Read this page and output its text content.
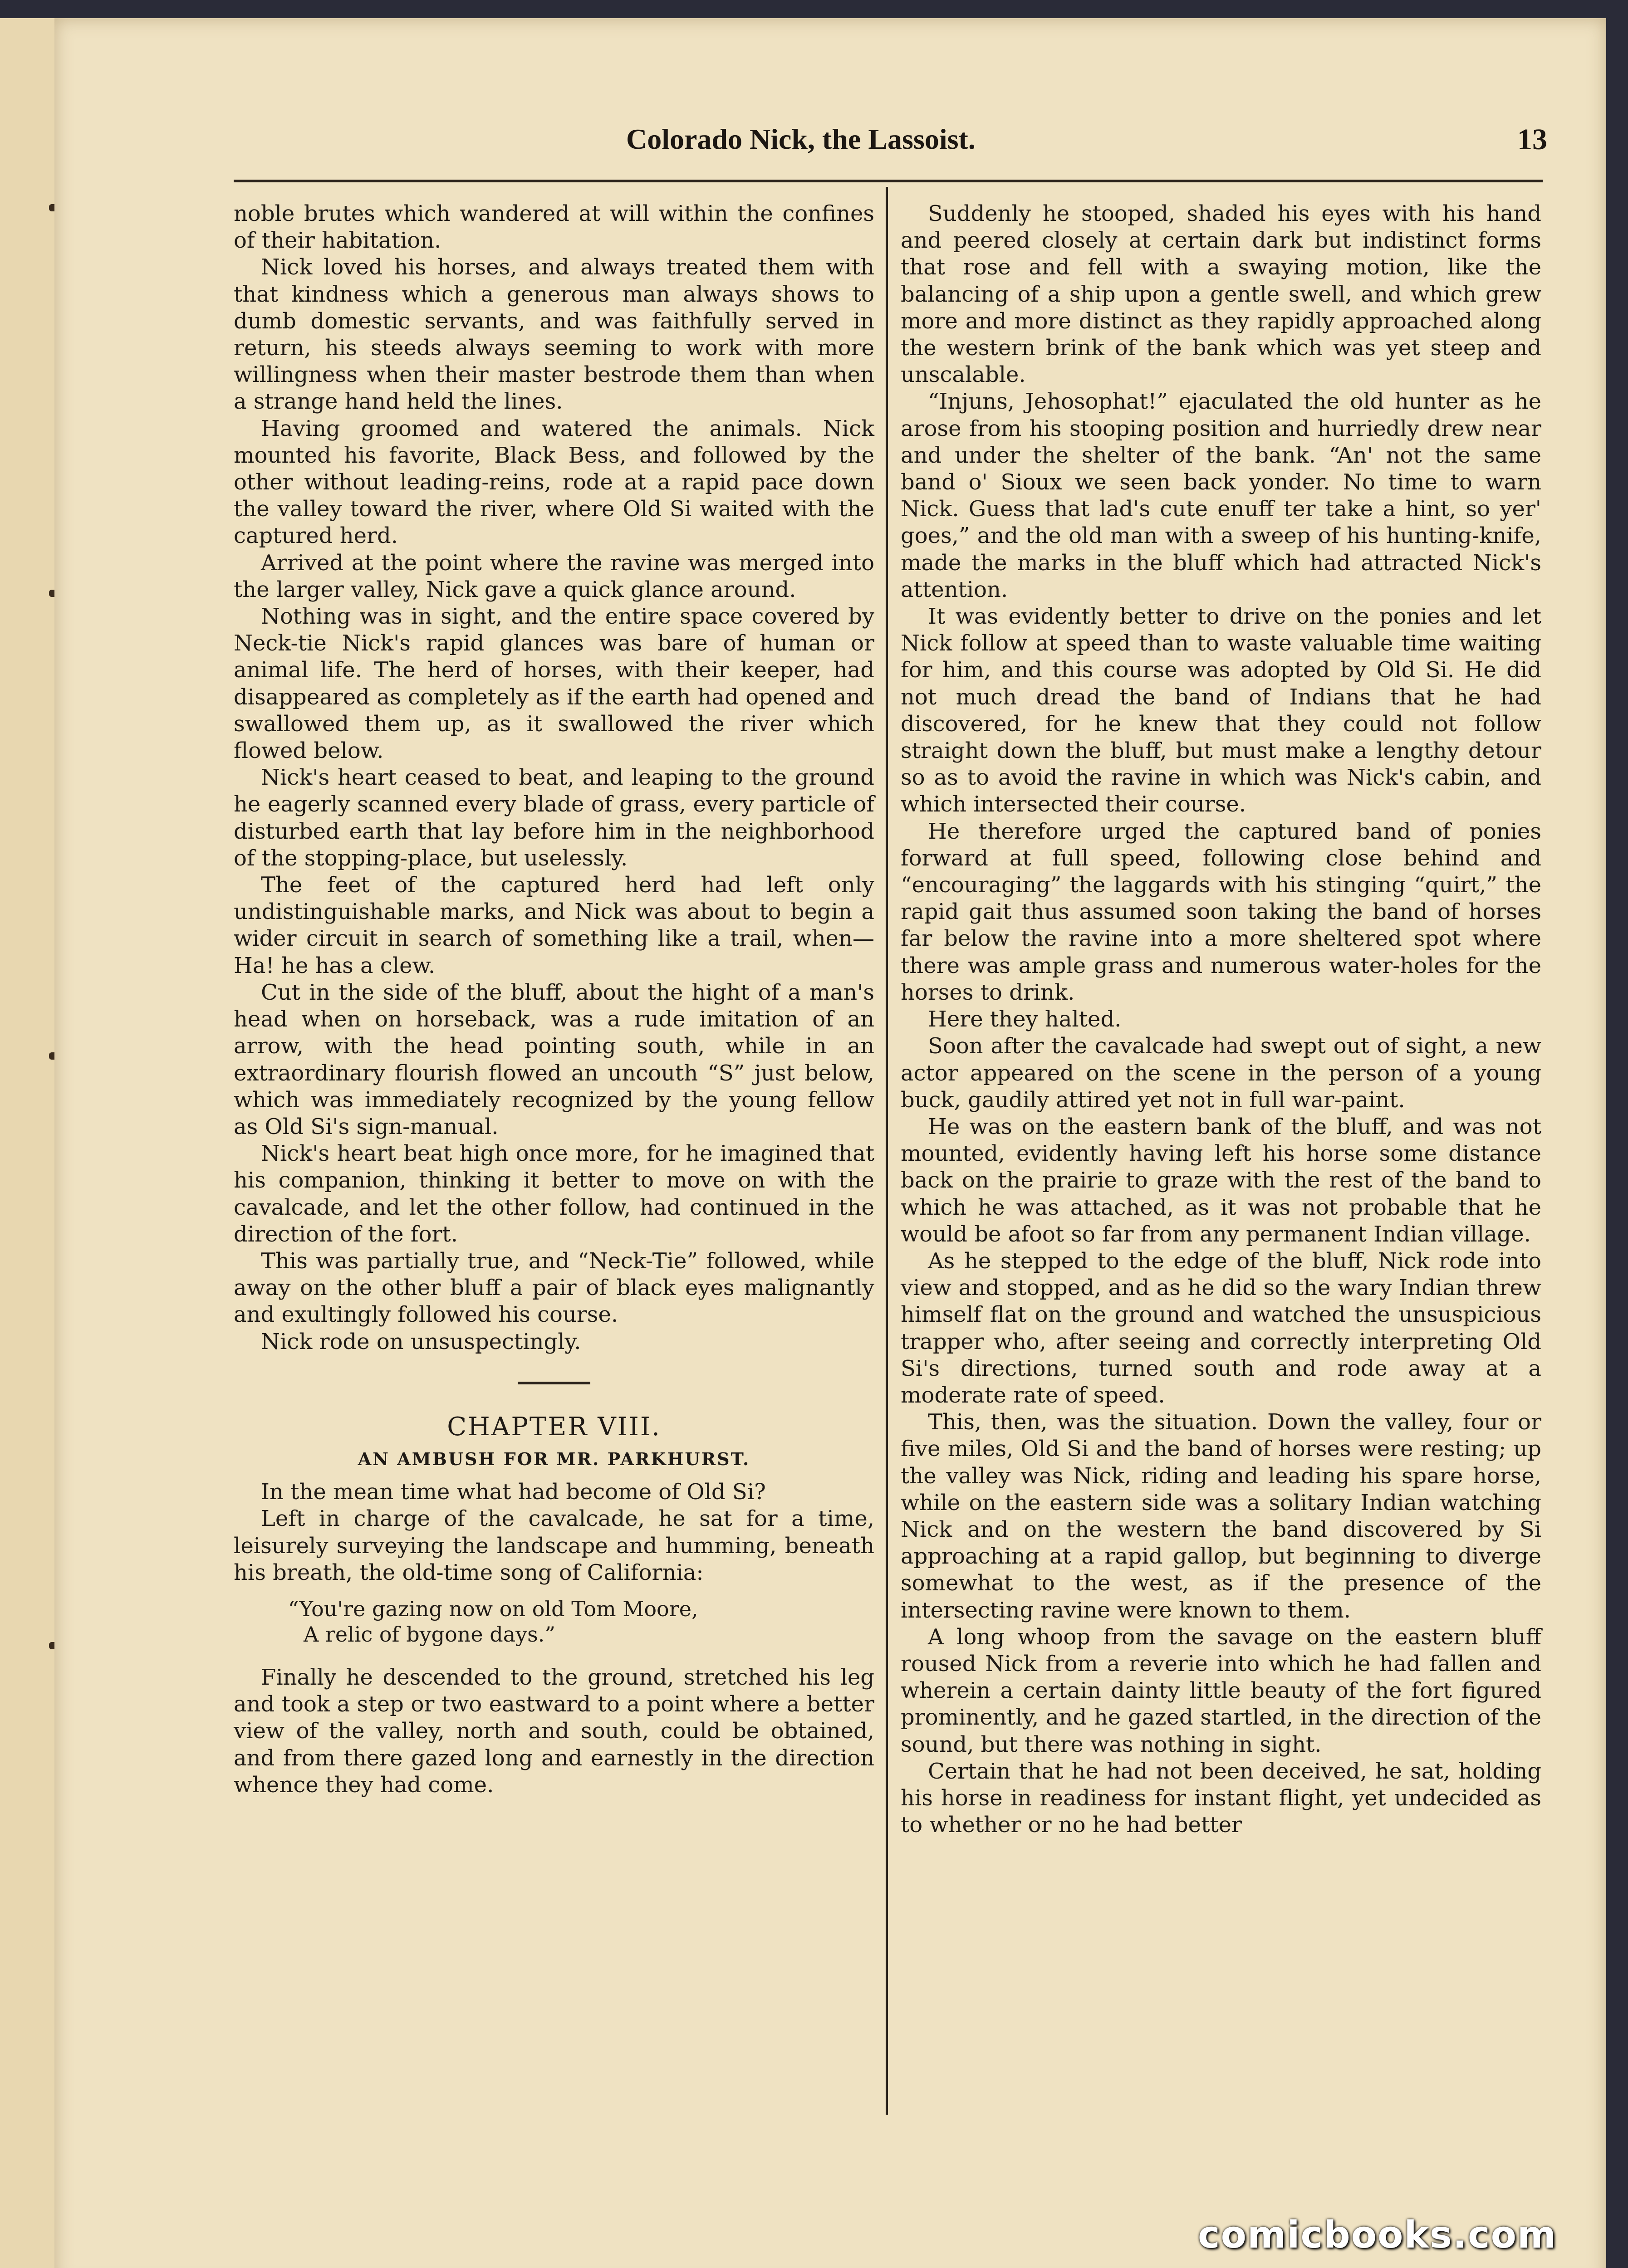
Colorado Nick, the Lassoist.	13

noble brutes which wandered at will within the confines of their habitation.

Nick loved his horses, and always treated them with that kindness which a generous man always shows to dumb domestic servants, and was faithfully served in return, his steeds always seeming to work with more willingness when their master bestrode them than when a strange hand held the lines.

Having groomed and watered the animals. Nick mounted his favorite, Black Bess, and followed by the other without leading-reins, rode at a rapid pace down the valley toward the river, where Old Si waited with the captured herd.

Arrived at the point where the ravine was merged into the larger valley, Nick gave a quick glance around.

Nothing was in sight, and the entire space covered by Neck-tie Nick's rapid glances was bare of human or animal life. The herd of horses, with their keeper, had disappeared as completely as if the earth had opened and swallowed them up, as it swallowed the river which flowed below.

Nick's heart ceased to beat, and leaping to the ground he eagerly scanned every blade of grass, every particle of disturbed earth that lay before him in the neighborhood of the stopping-place, but uselessly.

The feet of the captured herd had left only undistinguishable marks, and Nick was about to begin a wider circuit in search of something like a trail, when— Ha! he has a clew.

Cut in the side of the bluff, about the hight of a man's head when on horseback, was a rude imitation of an arrow, with the head pointing south, while in an extraordinary flourish flowed an uncouth “S” just below, which was immediately recognized by the young fellow as Old Si's sign-manual.

Nick's heart beat high once more, for he imagined that his companion, thinking it better to move on with the cavalcade, and let the other follow, had continued in the direction of the fort.

This was partially true, and “Neck-Tie” followed, while away on the other bluff a pair of black eyes malignantly and exultingly followed his course.

Nick rode on unsuspectingly.

CHAPTER VIII.
AN AMBUSH FOR MR. PARKHURST.

In the mean time what had become of Old Si?

Left in charge of the cavalcade, he sat for a time, leisurely surveying the landscape and humming, beneath his breath, the old-time song of California:

“You're gazing now on old Tom Moore,
A relic of bygone days.”

Finally he descended to the ground, stretched his leg and took a step or two eastward to a point where a better view of the valley, north and south, could be obtained, and from there gazed long and earnestly in the direction whence they had come.

Suddenly he stooped, shaded his eyes with his hand and peered closely at certain dark but indistinct forms that rose and fell with a swaying motion, like the balancing of a ship upon a gentle swell, and which grew more and more distinct as they rapidly approached along the western brink of the bank which was yet steep and unscalable.

“Injuns, Jehosophat!” ejaculated the old hunter as he arose from his stooping position and hurriedly drew near and under the shelter of the bank. “An' not the same band o' Sioux we seen back yonder. No time to warn Nick. Guess that lad's cute enuff ter take a hint, so yer' goes,” and the old man with a sweep of his hunting-knife, made the marks in the bluff which had attracted Nick's attention.

It was evidently better to drive on the ponies and let Nick follow at speed than to waste valuable time waiting for him, and this course was adopted by Old Si. He did not much dread the band of Indians that he had discovered, for he knew that they could not follow straight down the bluff, but must make a lengthy detour so as to avoid the ravine in which was Nick's cabin, and which intersected their course.

He therefore urged the captured band of ponies forward at full speed, following close behind and “encouraging” the laggards with his stinging “quirt,” the rapid gait thus assumed soon taking the band of horses far below the ravine into a more sheltered spot where there was ample grass and numerous water-holes for the horses to drink.

Here they halted.

Soon after the cavalcade had swept out of sight, a new actor appeared on the scene in the person of a young buck, gaudily attired yet not in full war-paint.

He was on the eastern bank of the bluff, and was not mounted, evidently having left his horse some distance back on the prairie to graze with the rest of the band to which he was attached, as it was not probable that he would be afoot so far from any permanent Indian village.

As he stepped to the edge of the bluff, Nick rode into view and stopped, and as he did so the wary Indian threw himself flat on the ground and watched the unsuspicious trapper who, after seeing and correctly interpreting Old Si's directions, turned south and rode away at a moderate rate of speed.

This, then, was the situation. Down the valley, four or five miles, Old Si and the band of horses were resting; up the valley was Nick, riding and leading his spare horse, while on the eastern side was a solitary Indian watching Nick and on the western the band discovered by Si approaching at a rapid gallop, but beginning to diverge somewhat to the west, as if the presence of the intersecting ravine were known to them.

A long whoop from the savage on the eastern bluff roused Nick from a reverie into which he had fallen and wherein a certain dainty little beauty of the fort figured prominently, and he gazed startled, in the direction of the sound, but there was nothing in sight.

Certain that he had not been deceived, he sat, holding his horse in readiness for instant flight, yet undecided as to whether or no he had better

comicbooks.com
